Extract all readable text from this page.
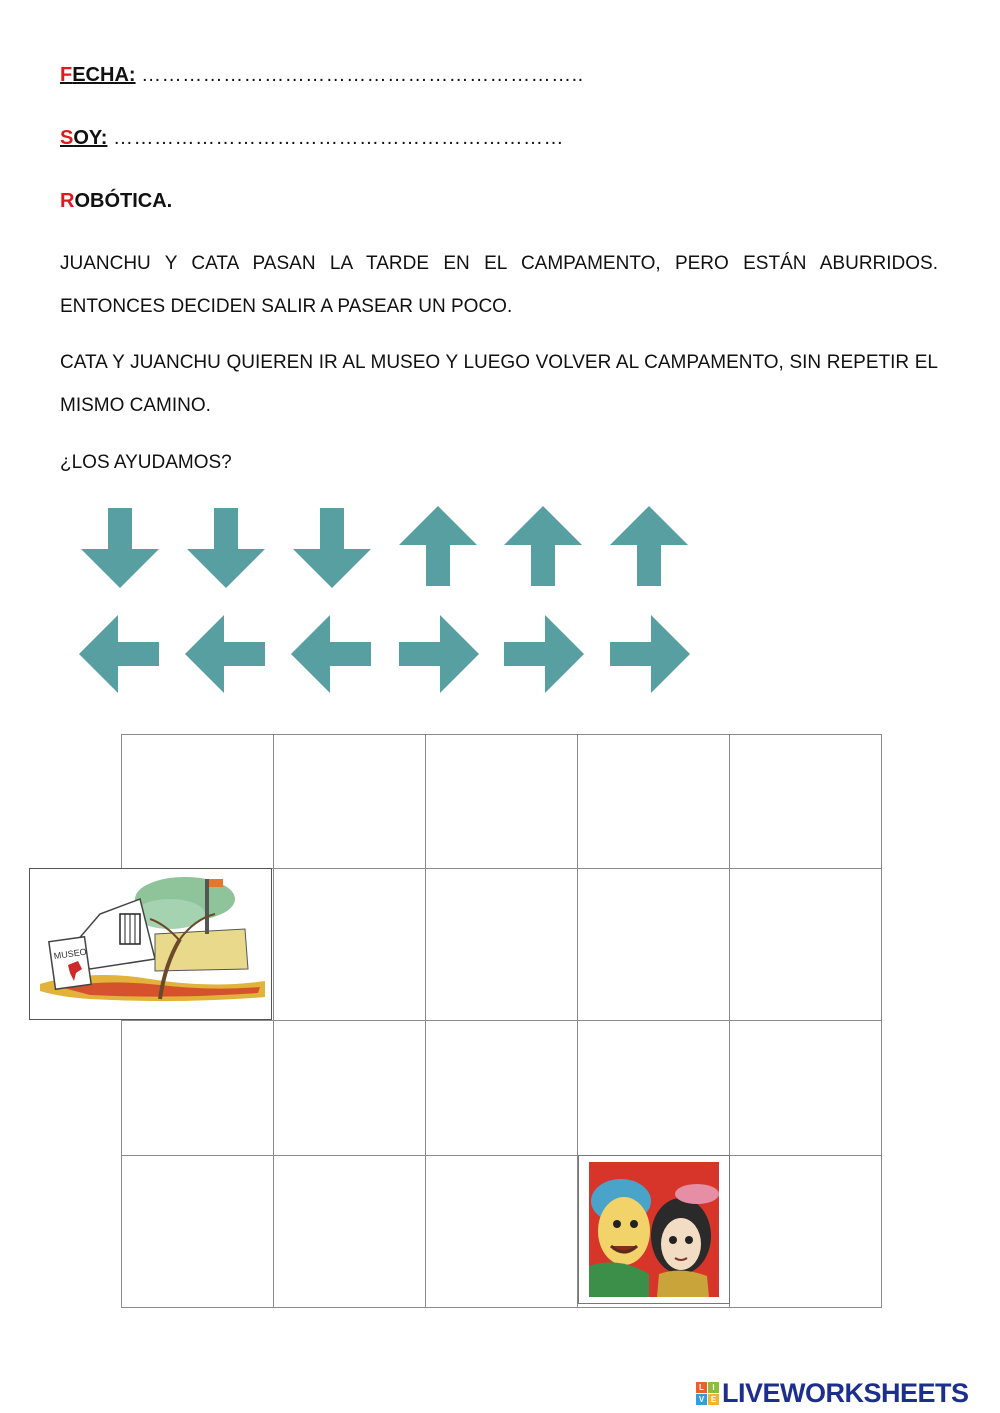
FECHA: ………………………………………………………..
SOY: …………………………………………………………
ROBÓTICA.
JUANCHU Y CATA PASAN LA TARDE EN EL CAMPAMENTO, PERO ESTÁN ABURRIDOS. ENTONCES DECIDEN SALIR A PASEAR UN POCO.
CATA Y JUANCHU QUIEREN IR AL MUSEO Y LUEGO VOLVER AL CAMPAMENTO, SIN REPETIR EL MISMO CAMINO.
¿LOS AYUDAMOS?
MUSEO
L	I
V E LIVEWORKSHEETS
